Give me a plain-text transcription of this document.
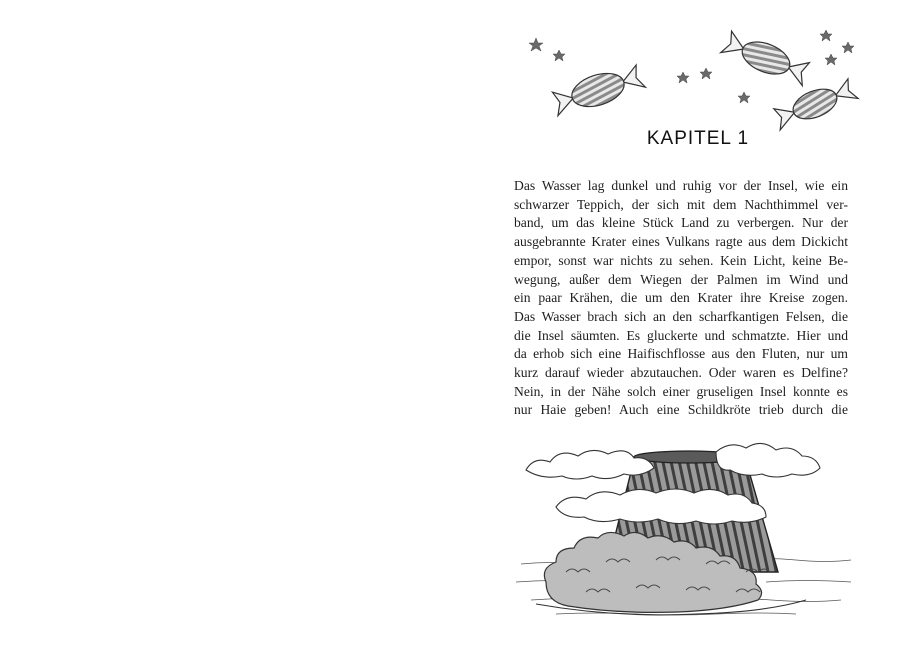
KAPITEL 1
Das Wasser lag dunkel und ruhig vor der Insel, wie ein
schwarzer Teppich, der sich mit dem Nachthimmel ver-
band, um das kleine Stück Land zu verbergen. Nur der
ausgebrannte Krater eines Vulkans ragte aus dem Dickicht
empor, sonst war nichts zu sehen. Kein Licht, keine Be-
wegung, außer dem Wiegen der Palmen im Wind und
ein paar Krähen, die um den Krater ihre Kreise zogen.
Das Wasser brach sich an den scharfkantigen Felsen, die
die Insel säumten. Es gluckerte und schmatzte. Hier und
da erhob sich eine Haifischflosse aus den Fluten, nur um
kurz darauf wieder abzutauchen. Oder waren es Delfine?
Nein, in der Nähe solch einer gruseligen Insel konnte es
nur Haie geben! Auch eine Schildkröte trieb durch die
